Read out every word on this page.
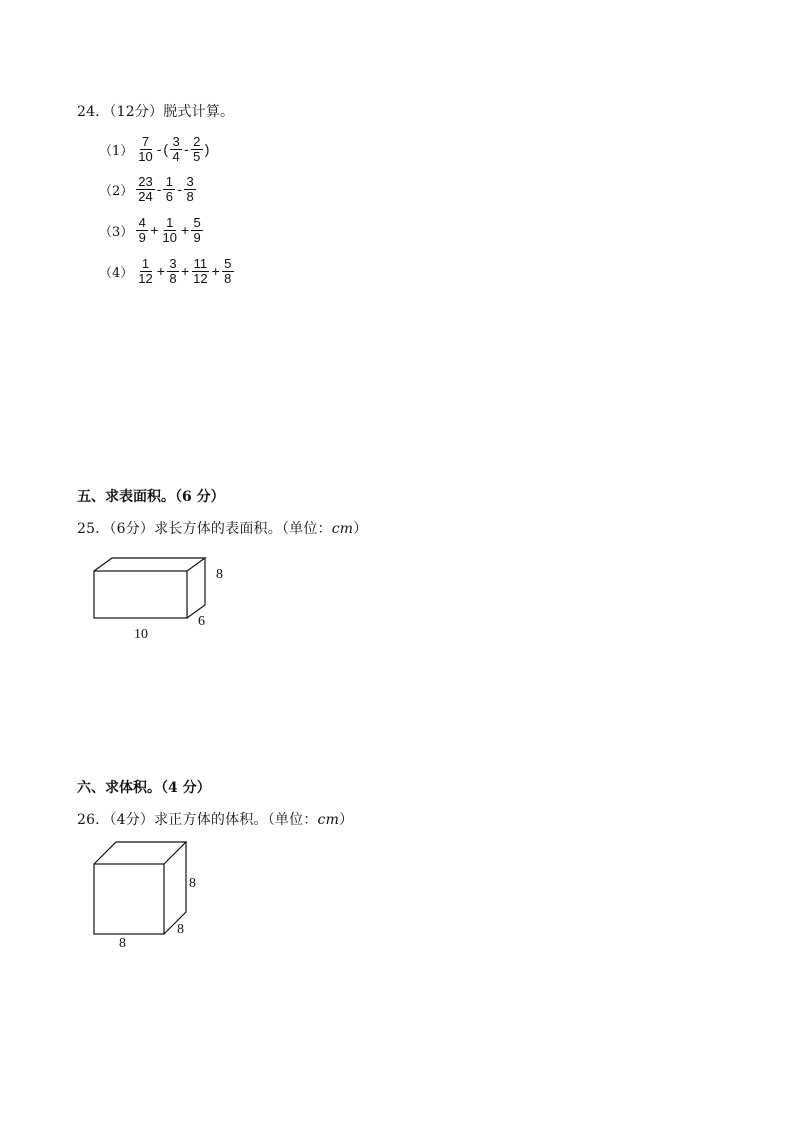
24．（12分）脱式计算。
$(1) \frac{7}{10}$ - ( $\frac{3}{4} - \frac{2}{5}$ )
$(2) \frac{23}{24} - \frac{1}{6} - \frac{3}{8}$
$(3) \frac{4}{9} + \frac{1}{10} + \frac{5}{9}$
$(4) \frac{1}{12} + \frac{3}{8} + \frac{11}{12} + \frac{5}{8}$
五、求表面积。（6 分）
25．（6分）求长方体的表面积。（单位：cm）
8
10
6
六、求体积。（4 分）
26．（4分）求正方体的体积。（单位：cm）
8
8
8
